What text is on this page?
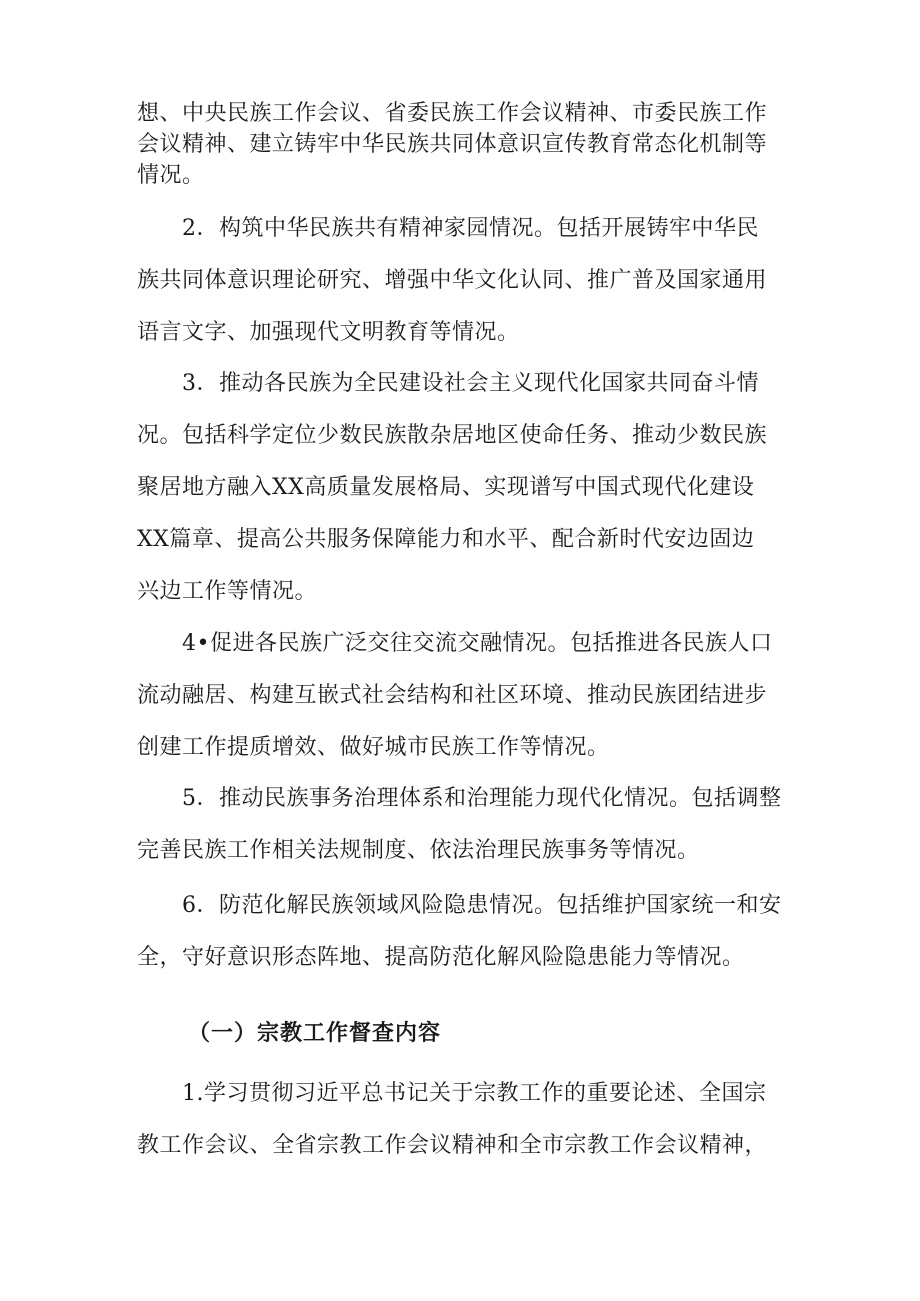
想、中央民族工作会议、省委民族工作会议精神、市委民族工作
会议精神、建立铸牢中华民族共同体意识宣传教育常态化机制等
情况。
　　2．构筑中华民族共有精神家园情况。包括开展铸牢中华民
族共同体意识理论研究、增强中华文化认同、推广普及国家通用
语言文字、加强现代文明教育等情况。
　　3．推动各民族为全民建设社会主义现代化国家共同奋斗情
况。包括科学定位少数民族散杂居地区使命任务、推动少数民族
聚居地方融入XX高质量发展格局、实现谱写中国式现代化建设
XX篇章、提高公共服务保障能力和水平、配合新时代安边固边
兴边工作等情况。
　　4•促进各民族广泛交往交流交融情况。包括推进各民族人口
流动融居、构建互嵌式社会结构和社区环境、推动民族团结进步
创建工作提质增效、做好城市民族工作等情况。
　　5．推动民族事务治理体系和治理能力现代化情况。包括调整
完善民族工作相关法规制度、依法治理民族事务等情况。
　　6．防范化解民族领域风险隐患情况。包括维护国家统一和安
全，守好意识形态阵地、提高防范化解风险隐患能力等情况。
（一）宗教工作督查内容
　　1.学习贯彻习近平总书记关于宗教工作的重要论述、全国宗
教工作会议、全省宗教工作会议精神和全市宗教工作会议精神，
